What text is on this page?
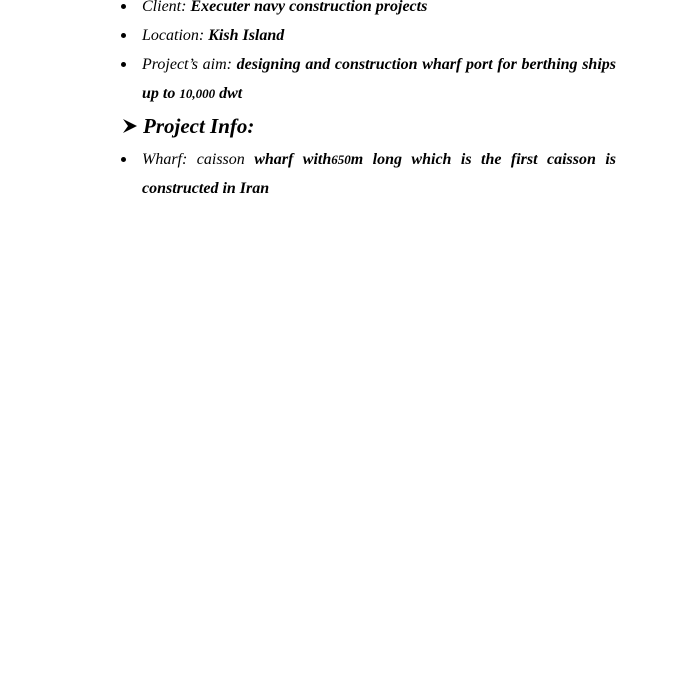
Client: Executer navy construction projects
Location: Kish Island
Project’s aim: designing and construction wharf port for berthing ships up to 10,000 dwt
Project Info:
Wharf: caisson wharf with650m long which is the first caisson is constructed in Iran
